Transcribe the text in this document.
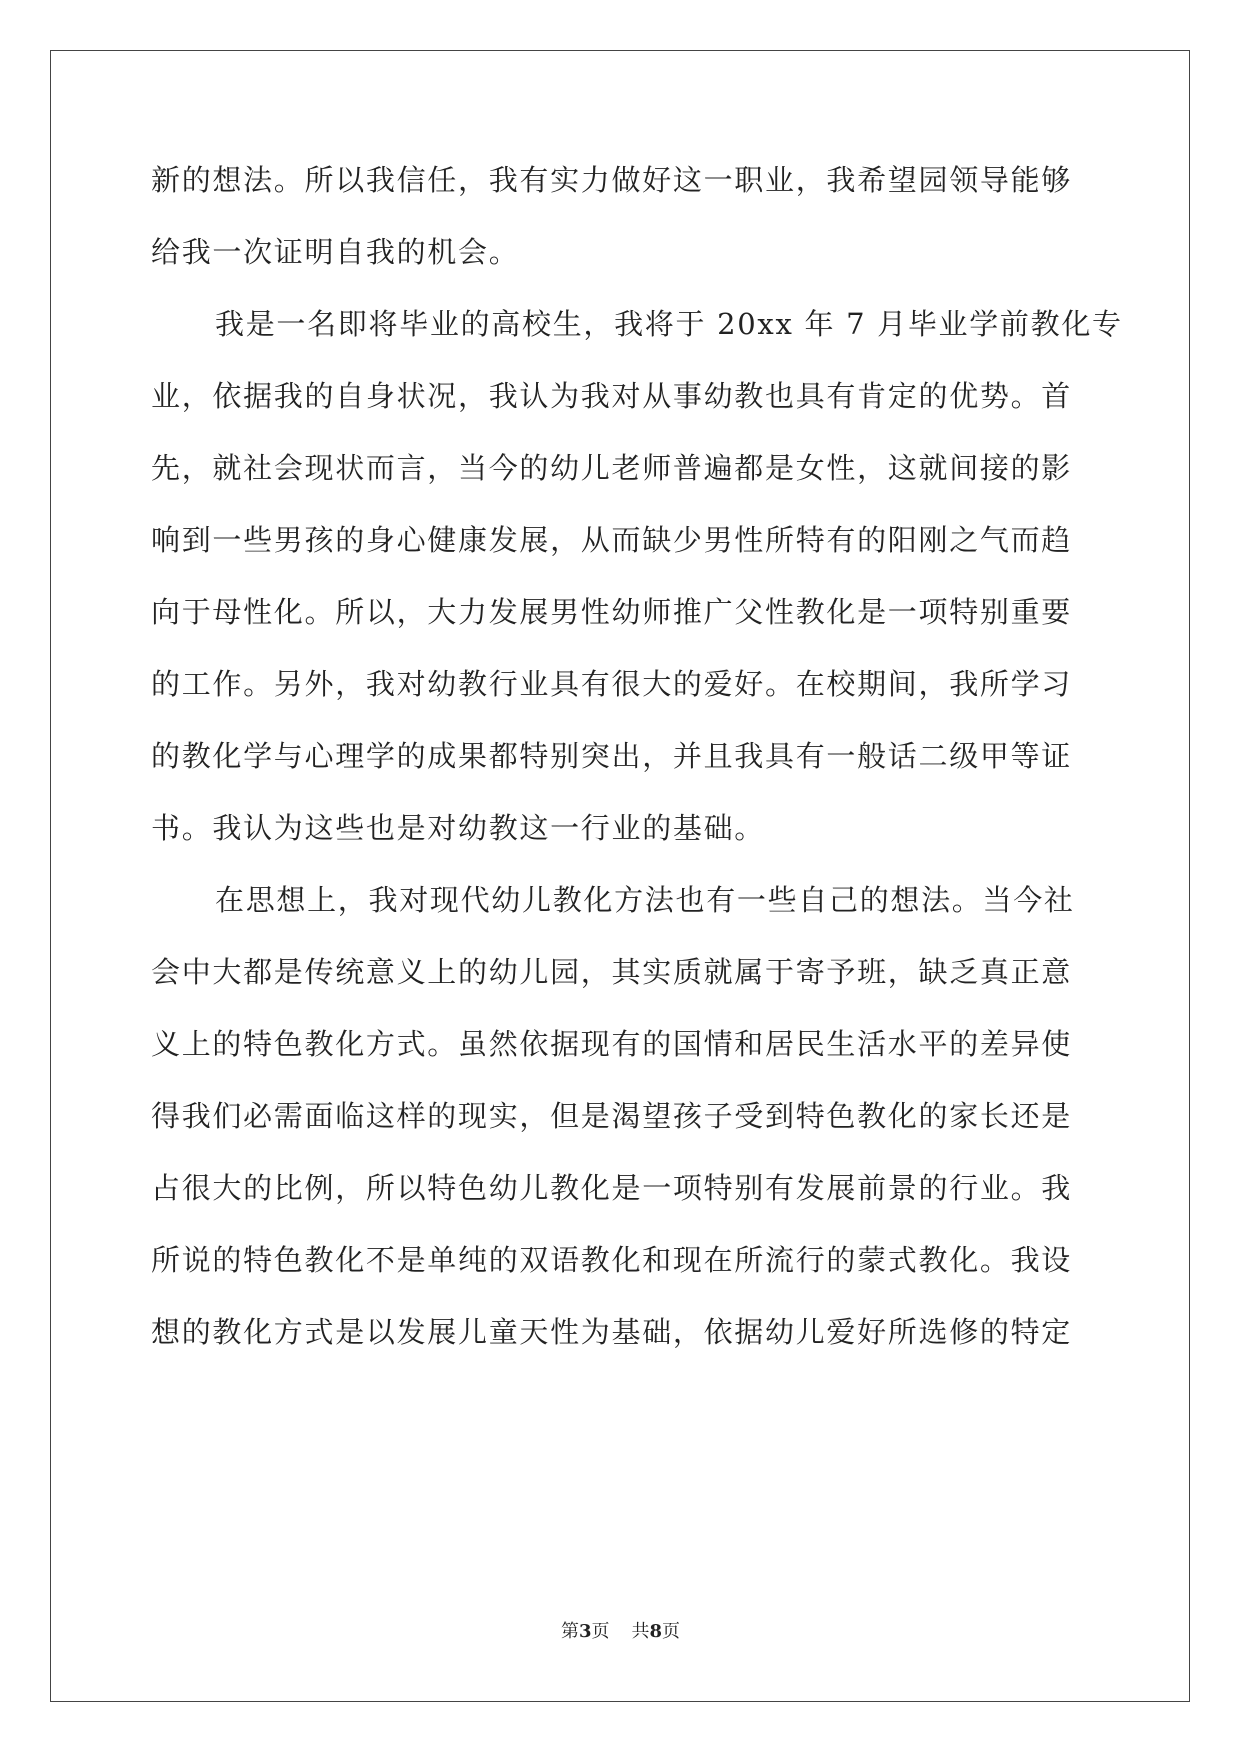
新的想法。所以我信任，我有实力做好这一职业，我希望园领导能够
给我一次证明自我的机会。
我是一名即将毕业的高校生，我将于 20xx 年 7 月毕业学前教化专
业，依据我的自身状况，我认为我对从事幼教也具有肯定的优势。首
先，就社会现状而言，当今的幼儿老师普遍都是女性，这就间接的影
响到一些男孩的身心健康发展，从而缺少男性所特有的阳刚之气而趋
向于母性化。所以，大力发展男性幼师推广父性教化是一项特别重要
的工作。另外，我对幼教行业具有很大的爱好。在校期间，我所学习
的教化学与心理学的成果都特别突出，并且我具有一般话二级甲等证
书。我认为这些也是对幼教这一行业的基础。
在思想上，我对现代幼儿教化方法也有一些自己的想法。当今社
会中大都是传统意义上的幼儿园，其实质就属于寄予班，缺乏真正意
义上的特色教化方式。虽然依据现有的国情和居民生活水平的差异使
得我们必需面临这样的现实，但是渴望孩子受到特色教化的家长还是
占很大的比例，所以特色幼儿教化是一项特别有发展前景的行业。我
所说的特色教化不是单纯的双语教化和现在所流行的蒙式教化。我设
想的教化方式是以发展儿童天性为基础，依据幼儿爱好所选修的特定
第3页 共8页
